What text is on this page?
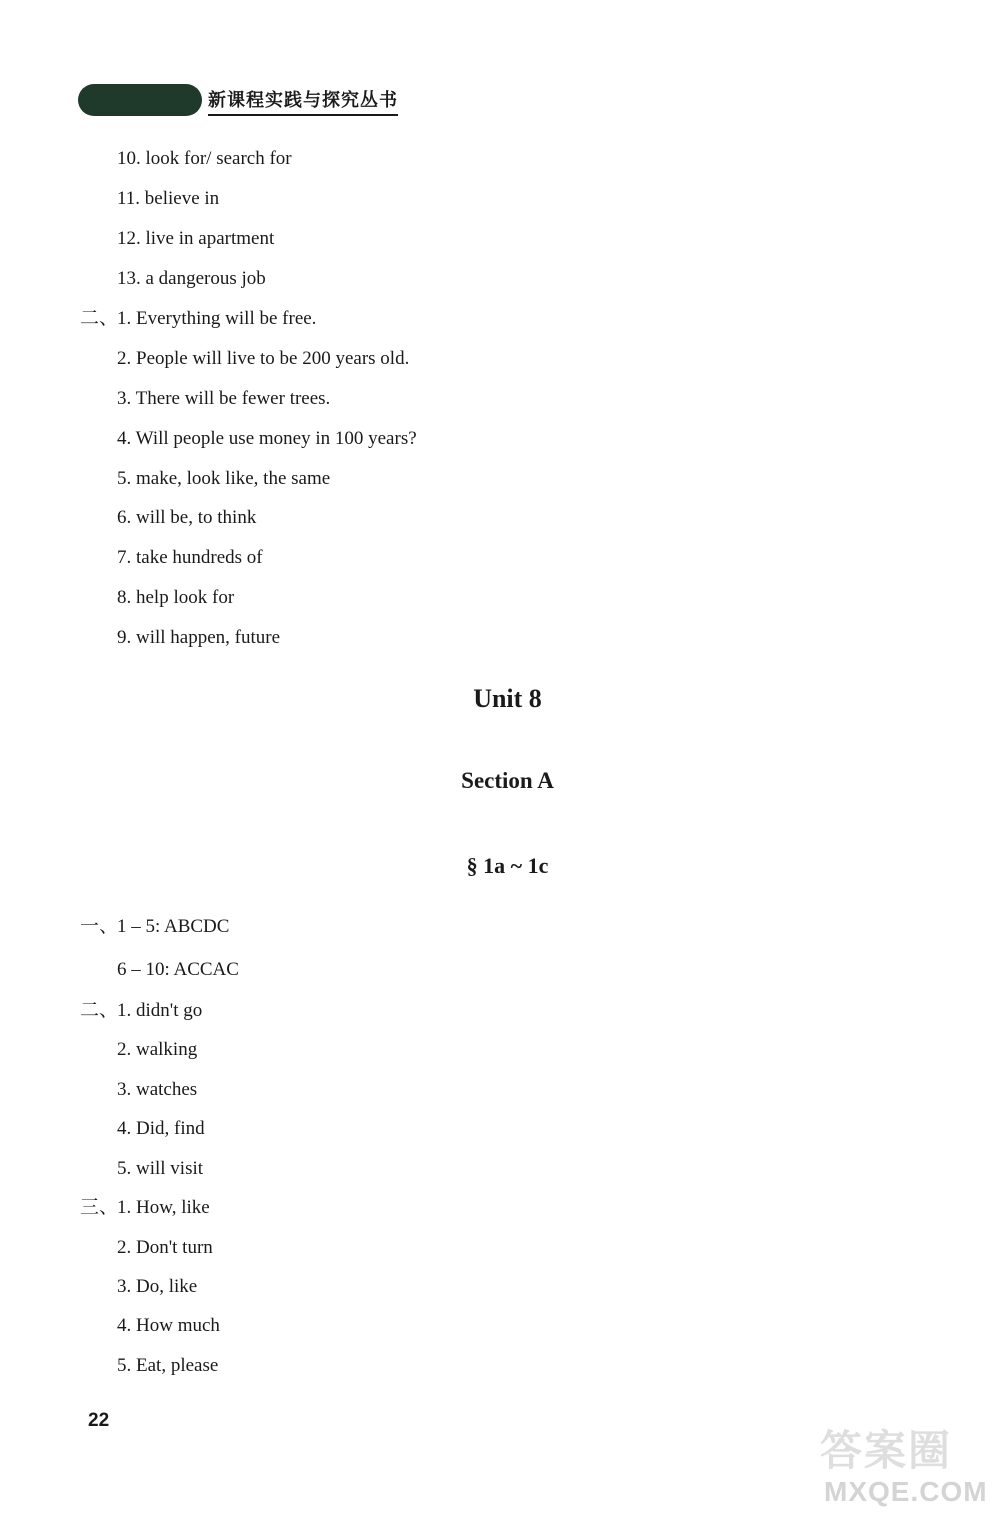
新课程实践与探究丛书
10. look for/ search for
11. believe in
12. live in apartment
13. a dangerous job
二、
1. Everything will be free.
2. People will live to be 200 years old.
3. There will be fewer trees.
4. Will people use money in 100 years?
5. make, look like, the same
6. will be, to think
7. take hundreds of
8. help look for
9. will happen, future
Unit 8
Section A
§ 1a ~ 1c
一、
1 – 5: ABCDC
6 – 10: ACCAC
二、
1. didn't go
2. walking
3. watches
4. Did, find
5. will visit
三、
1. How, like
2. Don't turn
3. Do, like
4. How much
5. Eat, please
22
答案圈
MXQE.COM
